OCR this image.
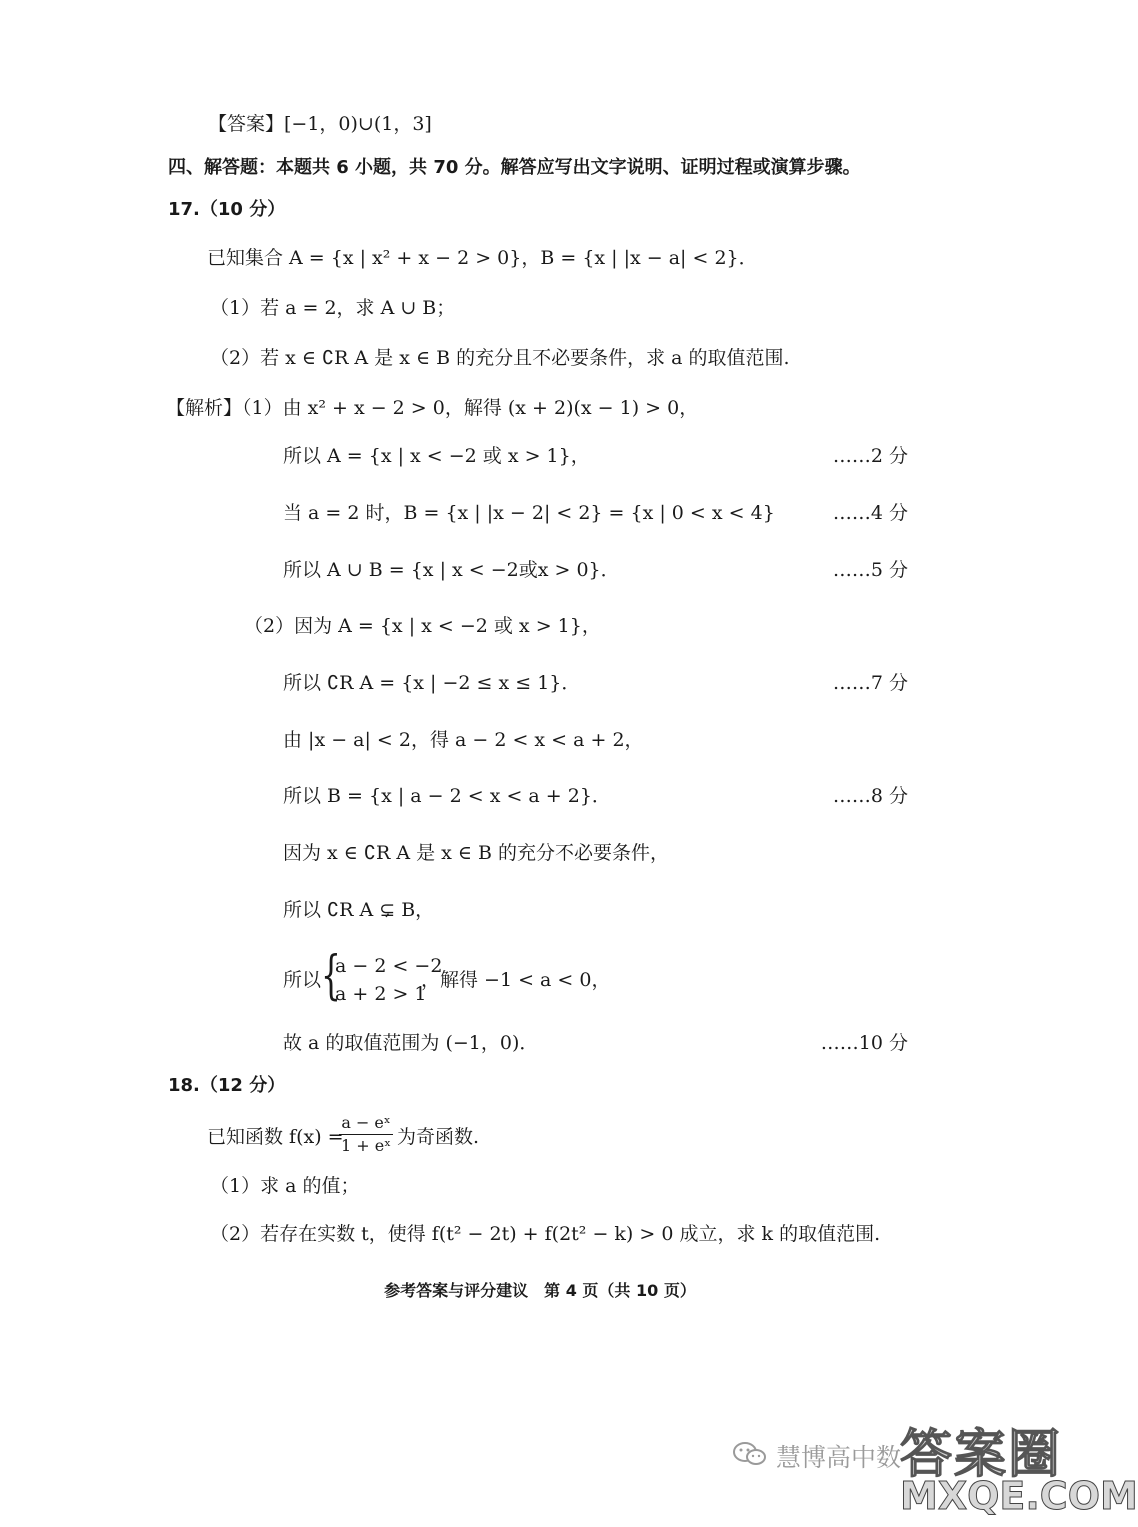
【答案】[−1，0)∪(1，3]
四、解答题：本题共 6 小题，共 70 分。解答应写出文字说明、证明过程或演算步骤。
17.（10 分）
已知集合 A = {x | x² + x − 2 > 0}，B = {x | |x − a| < 2}．
（1）若 a = 2，求 A ∪ B；
（2）若 x ∈ ∁R A 是 x ∈ B 的充分且不必要条件，求 a 的取值范围.
【解析】（1）由 x² + x − 2 > 0，解得 (x + 2)(x − 1) > 0，
所以 A = {x | x < −2 或 x > 1}，	……2 分
当 a = 2 时，B = {x | |x − 2| < 2} = {x | 0 < x < 4}	……4 分
所以 A ∪ B = {x | x < −2或x > 0}．	……5 分
（2）因为 A = {x | x < −2 或 x > 1}，
所以 ∁R A = {x | −2 ≤ x ≤ 1}．	……7 分
由 |x − a| < 2，得 a − 2 < x < a + 2，
所以 B = {x | a − 2 < x < a + 2}．	……8 分
因为 x ∈ ∁R A 是 x ∈ B 的充分不必要条件，
所以 ∁R A ⊊ B，
所以 {
a − 2 < −2
a + 2 > 1
，解得 −1 < a < 0，
故 a 的取值范围为 (−1，0)．	……10 分
18.（12 分）
已知函数 f(x) =
$\frac{\text{a − eˣ}}{\text{1 + eˣ}}$ 为奇函数.
（1）求 a 的值；
（2）若存在实数 t，使得 f(t² − 2t) + f(2t² − k) > 0 成立，求 k 的取值范围.
参考答案与评分建议　第 4 页（共 10 页）
慧博高中数
答案圈
MXQE.COM
